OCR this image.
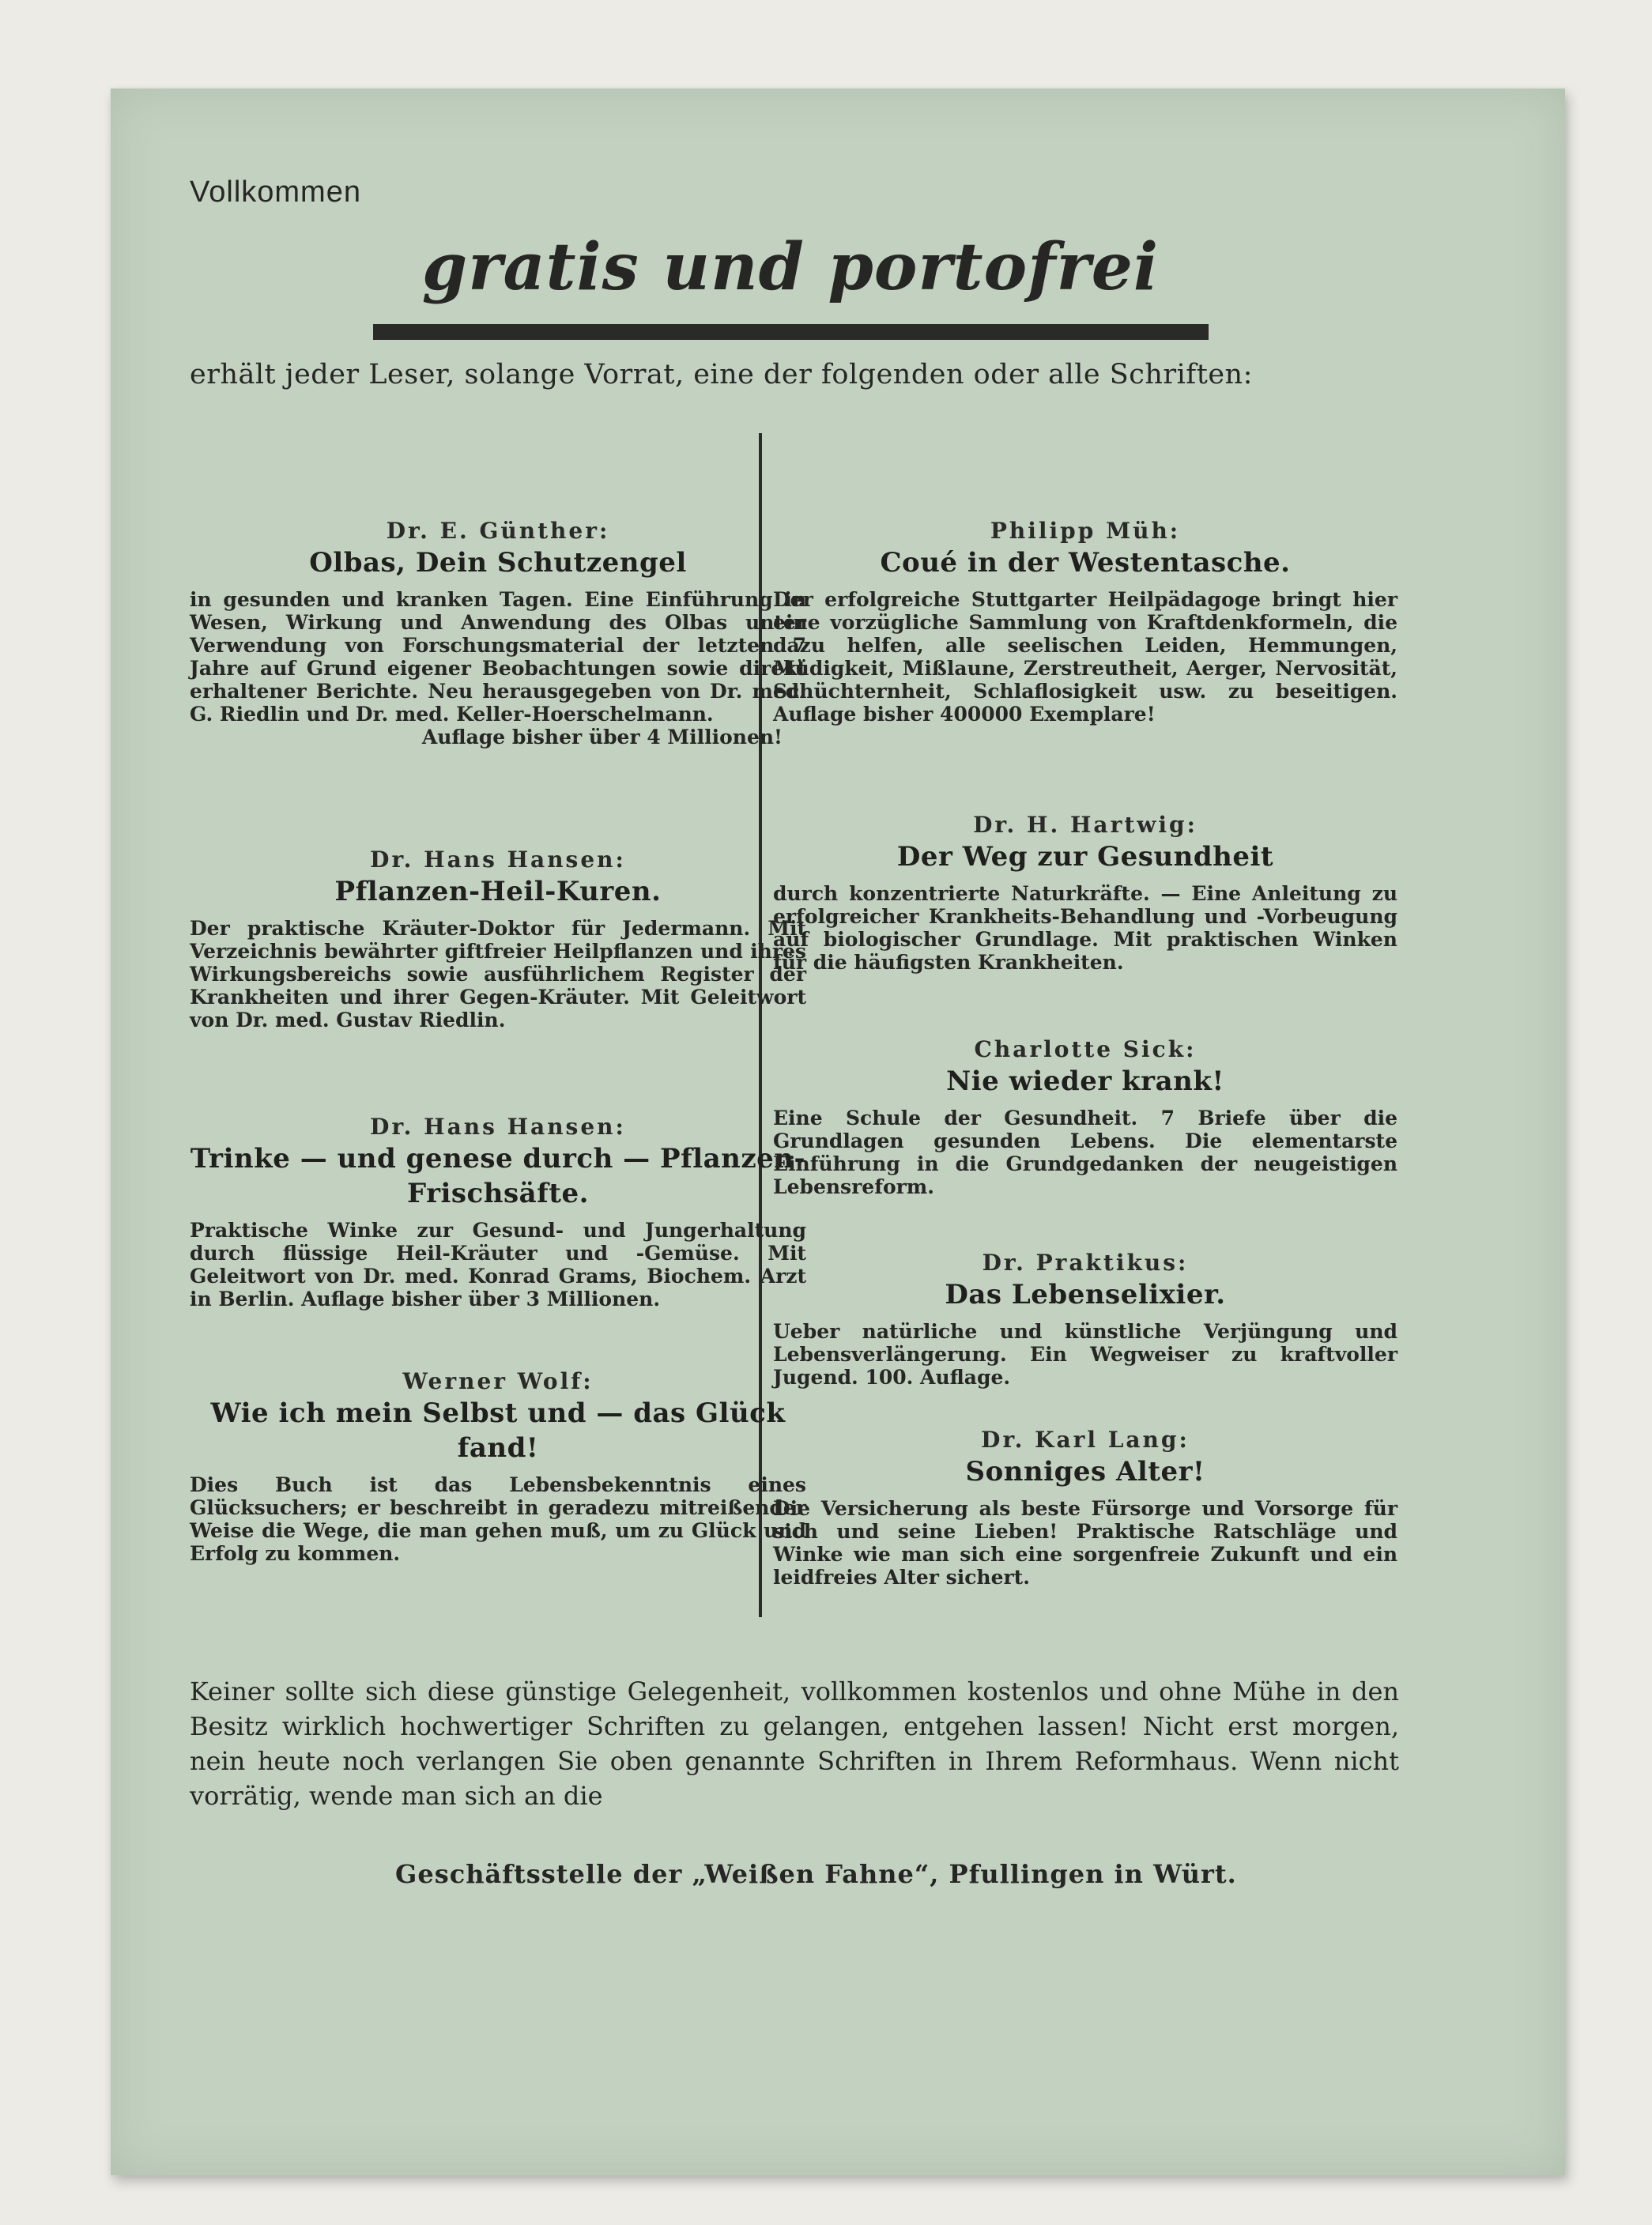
Vollkommen
gratis und portofrei
erhält jeder Leser, solange Vorrat, eine der folgenden oder alle Schriften:
Dr. E. Günther:
Olbas, Dein Schutzengel
in gesunden und kranken Tagen. Eine Einführung in Wesen, Wirkung und Anwendung des Olbas unter Verwendung von Forschungsmaterial der letzten 7 Jahre auf Grund eigener Beobachtungen sowie direkt erhaltener Berichte. Neu herausgegeben von Dr. med. G. Riedlin und Dr. med. Keller-Hoerschelmann.
Auflage bisher über 4 Millionen!
Dr. Hans Hansen:
Pflanzen-Heil-Kuren.
Der praktische Kräuter-Doktor für Jedermann. Mit Verzeichnis bewährter giftfreier Heilpflanzen und ihres Wirkungsbereichs sowie ausführlichem Register der Krankheiten und ihrer Gegen-Kräuter. Mit Geleitwort von Dr. med. Gustav Riedlin.
Dr. Hans Hansen:
Trinke — und genese durch — Pflanzen-Frischsäfte.
Praktische Winke zur Gesund- und Jungerhaltung durch flüssige Heil-Kräuter und -Gemüse. Mit Geleitwort von Dr. med. Konrad Grams, Biochem. Arzt in Berlin. Auflage bisher über 3 Millionen.
Werner Wolf:
Wie ich mein Selbst und — das Glück fand!
Dies Buch ist das Lebensbekenntnis eines Glücksuchers; er beschreibt in geradezu mitreißender Weise die Wege, die man gehen muß, um zu Glück und Erfolg zu kommen.
Philipp Müh:
Coué in der Westentasche.
Der erfolgreiche Stuttgarter Heilpädagoge bringt hier eine vorzügliche Sammlung von Kraftdenkformeln, die dazu helfen, alle seelischen Leiden, Hemmungen, Müdigkeit, Mißlaune, Zerstreutheit, Aerger, Nervosität, Schüchternheit, Schlaflosigkeit usw. zu beseitigen. Auflage bisher 400000 Exemplare!
Dr. H. Hartwig:
Der Weg zur Gesundheit
durch konzentrierte Naturkräfte. — Eine Anleitung zu erfolgreicher Krankheits-Behandlung und -Vorbeugung auf biologischer Grundlage. Mit praktischen Winken für die häufigsten Krankheiten.
Charlotte Sick:
Nie wieder krank!
Eine Schule der Gesundheit. 7 Briefe über die Grundlagen gesunden Lebens. Die elementarste Einführung in die Grundgedanken der neugeistigen Lebensreform.
Dr. Praktikus:
Das Lebenselixier.
Ueber natürliche und künstliche Verjüngung und Lebensverlängerung. Ein Wegweiser zu kraftvoller Jugend. 100. Auflage.
Dr. Karl Lang:
Sonniges Alter!
Die Versicherung als beste Fürsorge und Vorsorge für sich und seine Lieben! Praktische Ratschläge und Winke wie man sich eine sorgenfreie Zukunft und ein leidfreies Alter sichert.
Keiner sollte sich diese günstige Gelegenheit, vollkommen kostenlos und ohne Mühe in den Besitz wirklich hochwertiger Schriften zu gelangen, entgehen lassen! Nicht erst morgen, nein heute noch verlangen Sie oben genannte Schriften in Ihrem Reformhaus. Wenn nicht vorrätig, wende man sich an die
Geschäftsstelle der „Weißen Fahne“, Pfullingen in Würt.
